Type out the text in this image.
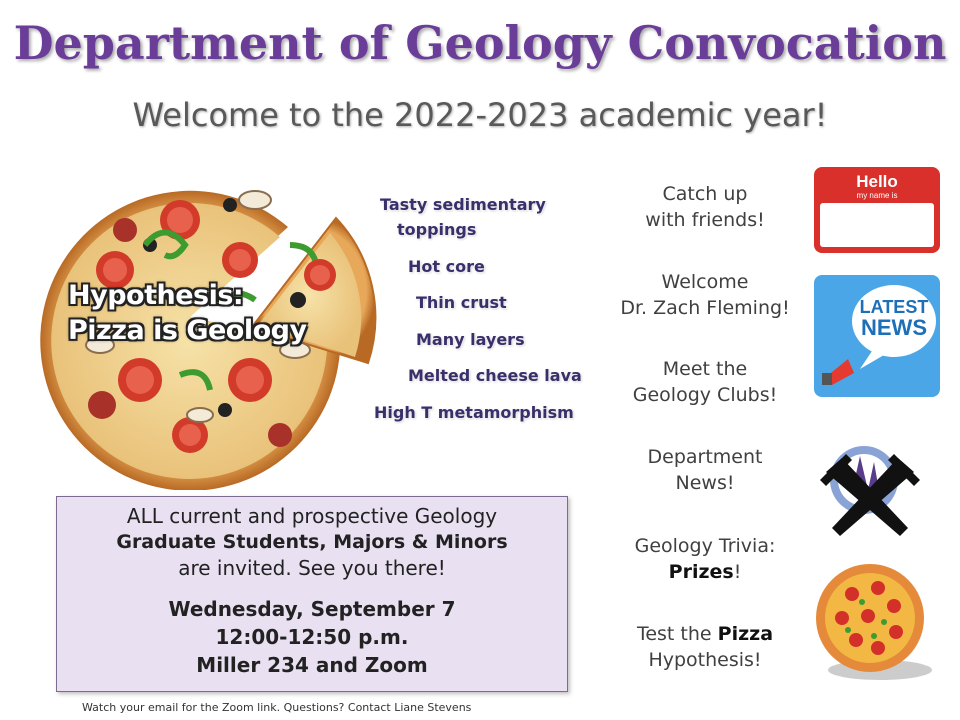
Department of Geology Convocation
Welcome to the 2022-2023 academic year!
Hypothesis:
Pizza is Geology
Tasty sedimentary
toppings
Hot core
Thin crust
Many layers
Melted cheese lava
High T metamorphism
Catch up
with friends!
Welcome
Dr. Zach Fleming!
Meet the
Geology Clubs!
Department
News!
Geology Trivia:
Prizes!
Test the Pizza
Hypothesis!
Hello
my name is
LATEST
NEWS
ALL current and prospective Geology
Graduate Students, Majors & Minors
are invited. See you there!
Wednesday, September 7
12:00-12:50 p.m.
Miller 234 and Zoom
Watch your email for the Zoom link. Questions? Contact Liane Stevens
